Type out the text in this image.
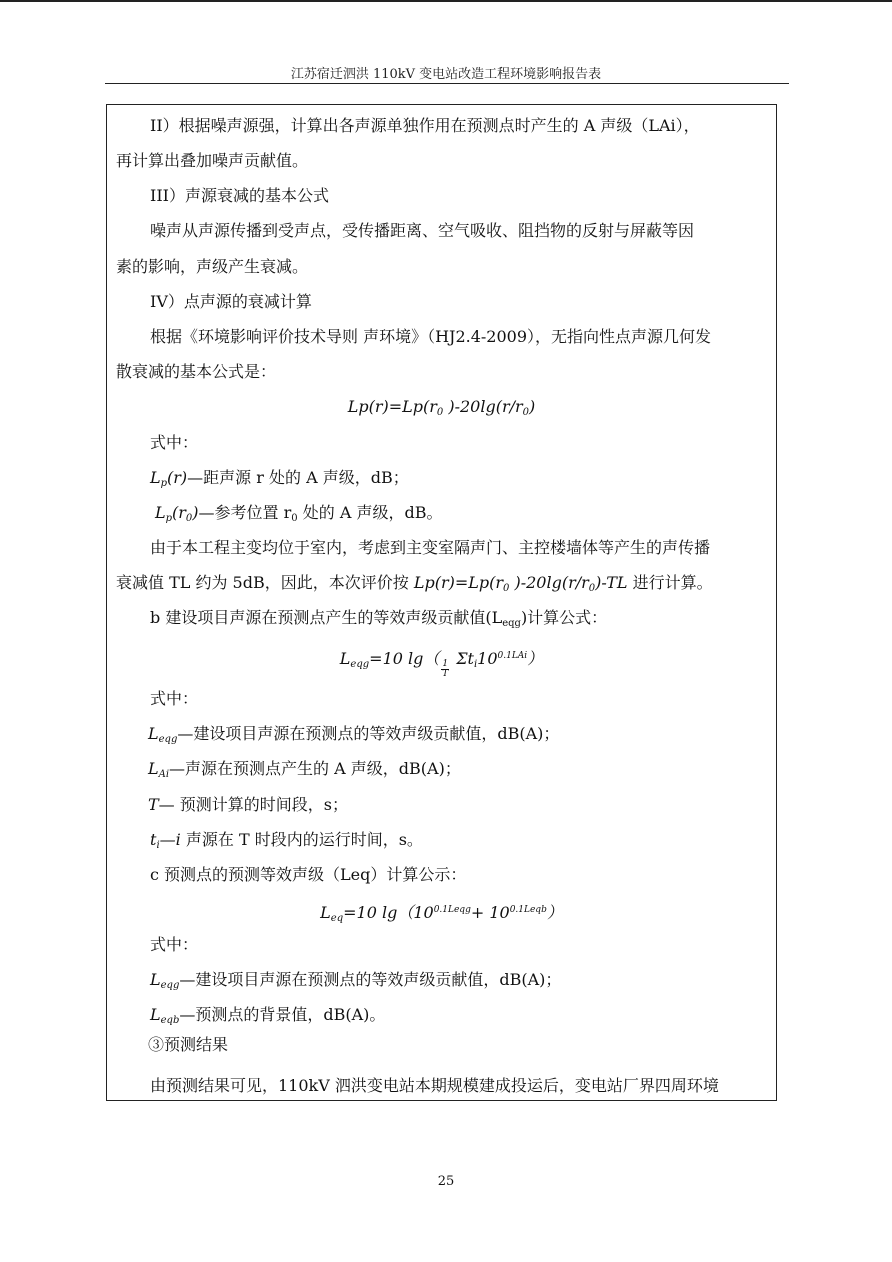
江苏宿迁泗洪 110kV 变电站改造工程环境影响报告表
II）根据噪声源强，计算出各声源单独作用在预测点时产生的 A 声级（LAi），
再计算出叠加噪声贡献值。
III）声源衰减的基本公式
噪声从声源传播到受声点，受传播距离、空气吸收、阻挡物的反射与屏蔽等因
素的影响，声级产生衰减。
IV）点声源的衰减计算
根据《环境影响评价技术导则 声环境》（HJ2.4-2009），无指向性点声源几何发
散衰减的基本公式是：
$Lp(r)=Lp(r_0$ )$-20\lg(r/r_0)$
式中：
$L_p(r)—$距声源 r 处的 A 声级，dB；
$L_p(r_0)—$参考位置 $r_0$ 处的 A 声级，dB。
由于本工程主变均位于室内，考虑到主变室隔声门、主控楼墙体等产生的声传播
衰减值 TL 约为 5dB，因此，本次评价按 $Lp(r)=Lp(r_0$ )$-20\lg(r/r_0)-TL$ 进行计算。
b 建设项目声源在预测点产生的等效声级贡献值$(L_{eqg})$计算公式：
$L_{eqg}=10$ lg（
$\frac{1}{T}$
$\Sigma t_i10^{0.1LAi}$）
式中：
$L_{eqg}—$建设项目声源在预测点的等效声级贡献值，dB(A)；
$L_{Ai}—$声源在预测点产生的 A 声级，dB(A)；
T— 预测计算的时间段，s；
$t_i—i$ 声源在 T 时段内的运行时间，s。
c 预测点的预测等效声级（Leq）计算公示：
$L_{eq}=10$ $\lg(10^{0.1Leqg}+ 10^{0.1Leqb})$
式中：
$L_{eqg}—$建设项目声源在预测点的等效声级贡献值，dB(A)；
$L_{eqb}—$预测点的背景值，dB(A)。
③预测结果
由预测结果可见，110kV 泗洪变电站本期规模建成投运后，变电站厂界四周环境
25
